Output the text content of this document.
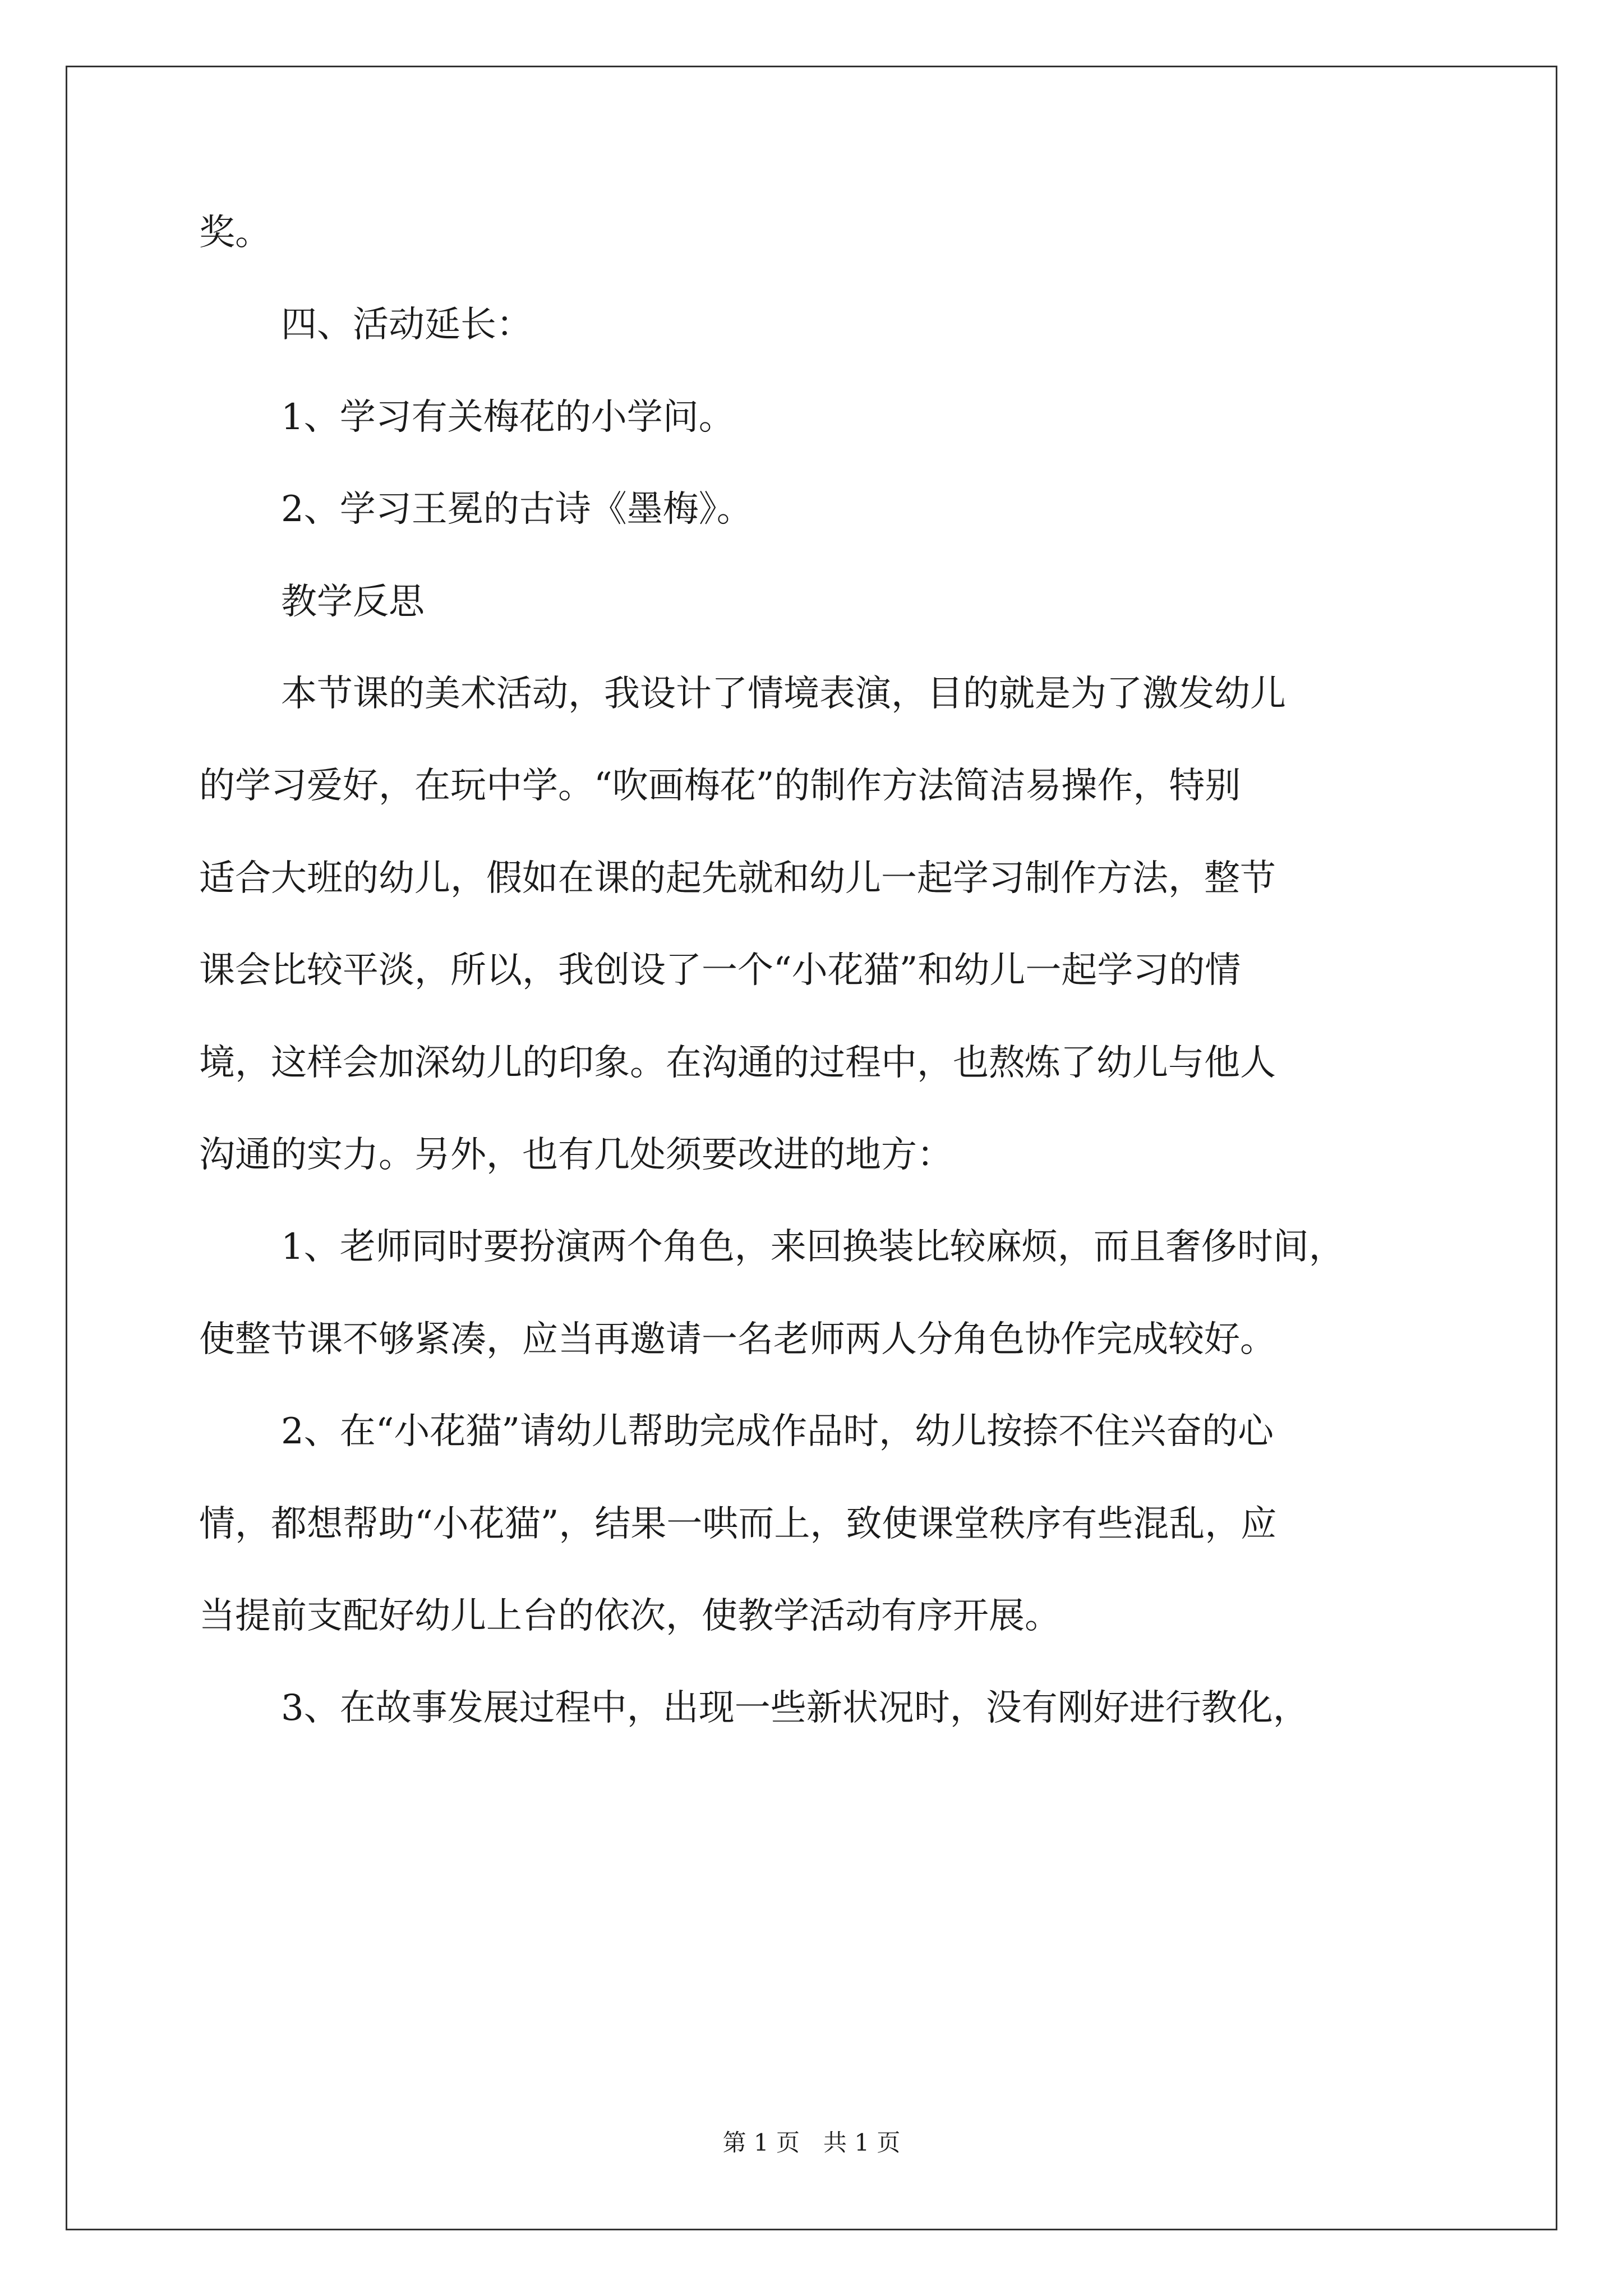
奖。
四、活动延长：
1、学习有关梅花的小学问。
2、学习王冕的古诗《墨梅》。
教学反思
本节课的美术活动，我设计了情境表演，目的就是为了激发幼儿
的学习爱好，在玩中学。“吹画梅花”的制作方法简洁易操作，特别
适合大班的幼儿，假如在课的起先就和幼儿一起学习制作方法，整节
课会比较平淡，所以，我创设了一个“小花猫”和幼儿一起学习的情
境，这样会加深幼儿的印象。在沟通的过程中，也熬炼了幼儿与他人
沟通的实力。另外，也有几处须要改进的地方：
1、老师同时要扮演两个角色，来回换装比较麻烦，而且奢侈时间，
使整节课不够紧凑，应当再邀请一名老师两人分角色协作完成较好。
2、在“小花猫”请幼儿帮助完成作品时，幼儿按捺不住兴奋的心
情，都想帮助“小花猫”，结果一哄而上，致使课堂秩序有些混乱，应
当提前支配好幼儿上台的依次，使教学活动有序开展。
3、在故事发展过程中，出现一些新状况时，没有刚好进行教化，
第 1 页　共 1 页
